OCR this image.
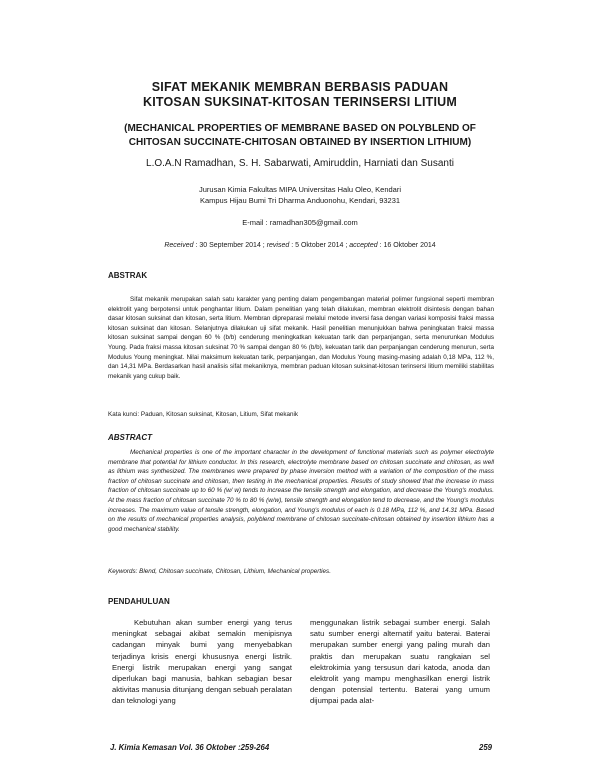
SIFAT MEKANIK MEMBRAN BERBASIS PADUAN
KITOSAN SUKSINAT-KITOSAN TERINSERSI LITIUM
(MECHANICAL PROPERTIES OF MEMBRANE BASED ON POLYBLEND OF
CHITOSAN SUCCINATE-CHITOSAN OBTAINED BY INSERTION LITHIUM)
L.O.A.N Ramadhan, S. H. Sabarwati, Amiruddin, Harniati dan Susanti
Jurusan Kimia Fakultas MIPA Universitas Halu Oleo, Kendari
Kampus Hijau Bumi Tri Dharma Anduonohu, Kendari, 93231
E-mail : ramadhan305@gmail.com
Received : 30 September 2014 ; revised : 5 Oktober 2014 ; accepted : 16 Oktober 2014
ABSTRAK
Sifat mekanik merupakan salah satu karakter yang penting dalam pengembangan material polimer fungsional seperti membran elektrolit yang berpotensi untuk penghantar litium. Dalam penelitian yang telah dilakukan, membran elektrolit disintesis dengan bahan dasar kitosan suksinat dan kitosan, serta litium. Membran dipreparasi melalui metode inversi fasa dengan variasi komposisi fraksi massa kitosan suksinat dan kitosan. Selanjutnya dilakukan uji sifat mekanik. Hasil penelitian menunjukkan bahwa peningkatan fraksi massa kitosan suksinat sampai dengan 60 % (b/b) cenderung meningkatkan kekuatan tarik dan perpanjangan, serta menurunkan Modulus Young. Pada fraksi massa kitosan suksinat 70 % sampai dengan 80 % (b/b), kekuatan tarik dan perpanjangan cenderung menurun, serta Modulus Young meningkat. Nilai maksimum kekuatan tarik, perpanjangan, dan Modulus Young masing-masing adalah 0,18 MPa, 112 %, dan 14,31 MPa. Berdasarkan hasil analisis sifat mekaniknya, membran paduan kitosan suksinat-kitosan terinsersi litium memiliki stabilitas mekanik yang cukup baik.
Kata kunci: Paduan, Kitosan suksinat, Kitosan, Litium, Sifat mekanik
ABSTRACT
Mechanical properties is one of the important character in the development of functional materials such as polymer electrolyte membrane that potential for lithium conductor. In this research, electrolyte membrane based on chitosan succinate and chitosan, as well as lithium was synthesized. The membranes were prepared by phase inversion method with a variation of the composition of the mass fraction of chitosan succinate and chitosan, then testing in the mechanical properties. Results of study showed that the increase in mass fraction of chitosan succinate up to 60 % (w/ w) tends to increase the tensile strength and elongation, and decrease the Young's modulus. At the mass fraction of chitosan succinate 70 % to 80 % (w/w), tensile strength and elongation tend to decrease, and the Young's modulus increases. The maximum value of tensile strength, elongation, and Young's modulus of each is 0.18 MPa, 112 %, and 14.31 MPa. Based on the results of mechanical properties analysis, polyblend membrane of chitosan succinate-chitosan obtained by insertion lithium has a good mechanical stability.
Keywords: Blend, Chitosan succinate, Chitosan, Lithium, Mechanical properties.
PENDAHULUAN
Kebutuhan akan sumber energi yang terus meningkat sebagai akibat semakin menipisnya cadangan minyak bumi yang menyebabkan terjadinya krisis energi khususnya energi listrik. Energi listrik merupakan energi yang sangat diperlukan bagi manusia, bahkan sebagian besar aktivitas manusia ditunjang dengan sebuah peralatan dan teknologi yang
menggunakan listrik sebagai sumber energi. Salah satu sumber energi alternatif yaitu baterai. Baterai merupakan sumber energi yang paling murah dan praktis dan merupakan suatu rangkaian sel elektrokimia yang tersusun dari katoda, anoda dan elektrolit yang mampu menghasilkan energi listrik dengan potensial tertentu. Baterai yang umum dijumpai pada alat-
J. Kimia Kemasan Vol. 36 Oktober :259-264	259
